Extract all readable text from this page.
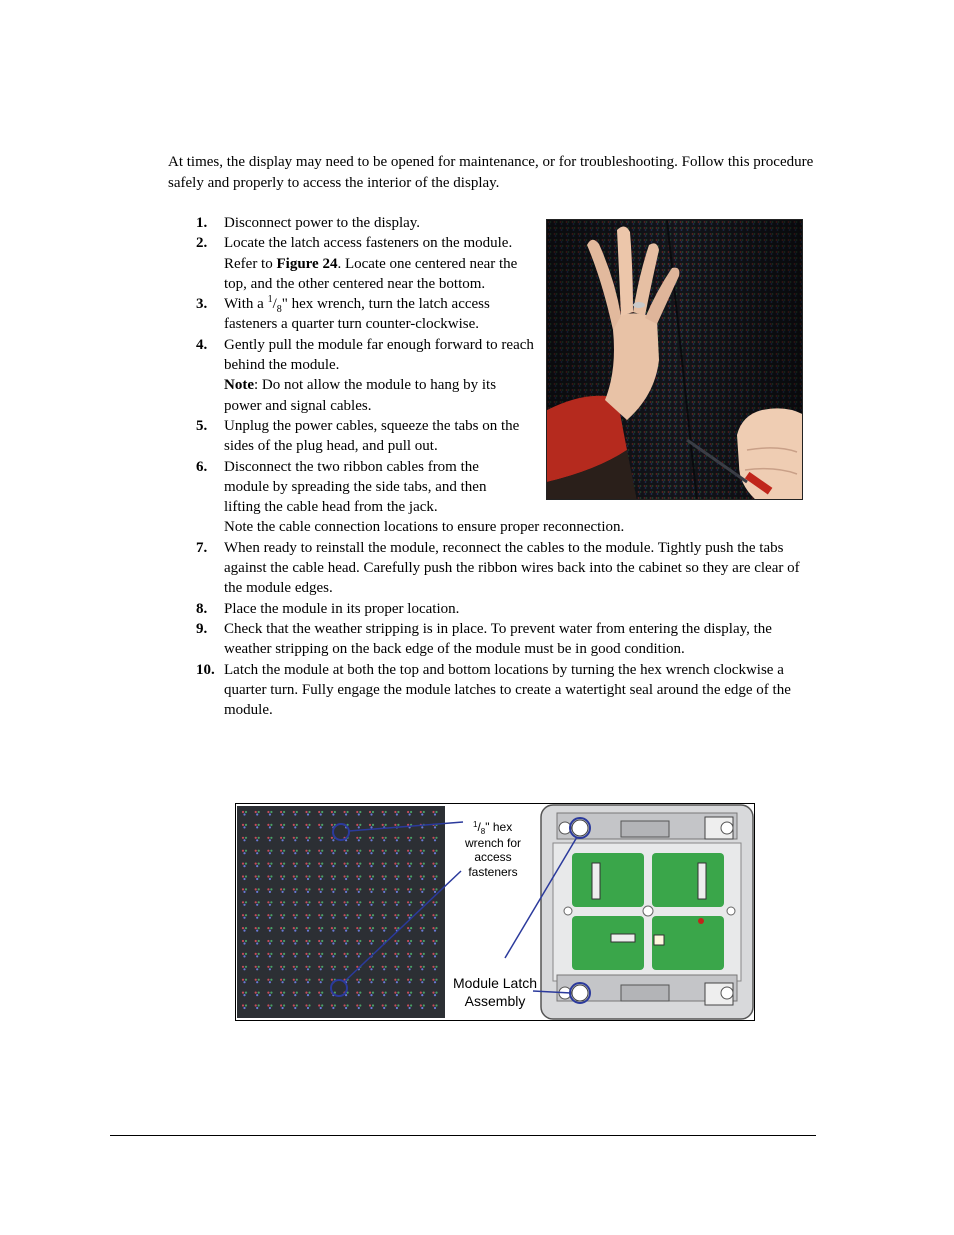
At times, the display may need to be opened for maintenance, or for troubleshooting. Follow this procedure safely and properly to access the interior of the display.

1. Disconnect power to the display.
2. Locate the latch access fasteners on the module. Refer to Figure 24. Locate one centered near the top, and the other centered near the bottom.
3. With a $^1/_8$" hex wrench, turn the latch access fasteners a quarter turn counter-clockwise.
4. Gently pull the module far enough forward to reach behind the module.
Note: Do not allow the module to hang by its power and signal cables.
5. Unplug the power cables, squeeze the tabs on the sides of the plug head, and pull out.
6. Disconnect the two ribbon cables from the module by spreading the side tabs, and then lifting the cable head from the jack.
Note the cable connection locations to ensure proper reconnection.
7. When ready to reinstall the module, reconnect the cables to the module. Tightly push the tabs against the cable head. Carefully push the ribbon wires back into the cabinet so they are clear of the module edges.
8. Place the module in its proper location.
9. Check that the weather stripping is in place. To prevent water from entering the display, the weather stripping on the back edge of the module must be in good condition.
10. Latch the module at both the top and bottom locations by turning the hex wrench clockwise a quarter turn. Fully engage the module latches to create a watertight seal around the edge of the module.
$^1/_8$" hex
wrench for
access
fasteners
Module Latch
Assembly
